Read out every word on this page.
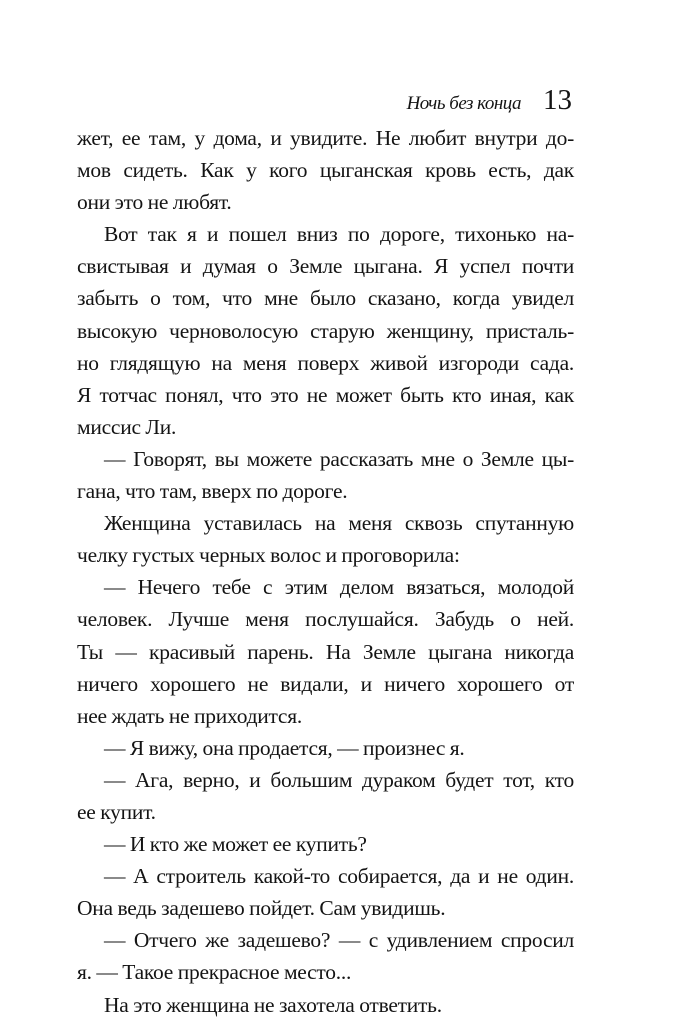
Ночь без конца 13
жет, ее там, у дома, и увидите. Не любит внутри до-
мов сидеть. Как у кого цыганская кровь есть, дак
они это не любят.
Вот так я и пошел вниз по дороге, тихонько на-
свистывая и думая о Земле цыгана. Я успел почти
забыть о том, что мне было сказано, когда увидел
высокую черноволосую старую женщину, присталь-
но глядящую на меня поверх живой изгороди сада.
Я тотчас понял, что это не может быть кто иная, как
миссис Ли.
— Говорят, вы можете рассказать мне о Земле цы-
гана, что там, вверх по дороге.
Женщина уставилась на меня сквозь спутанную
челку густых черных волос и проговорила:
— Нечего тебе с этим делом вязаться, молодой
человек. Лучше меня послушайся. Забудь о ней.
Ты — красивый парень. На Земле цыгана никогда
ничего хорошего не видали, и ничего хорошего от
нее ждать не приходится.
— Я вижу, она продается, — произнес я.
— Ага, верно, и большим дураком будет тот, кто
ее купит.
— И кто же может ее купить?
— А строитель какой-то собирается, да и не один.
Она ведь задешево пойдет. Сам увидишь.
— Отчего же задешево? — с удивлением спросил
я. — Такое прекрасное место...
На это женщина не захотела ответить.
